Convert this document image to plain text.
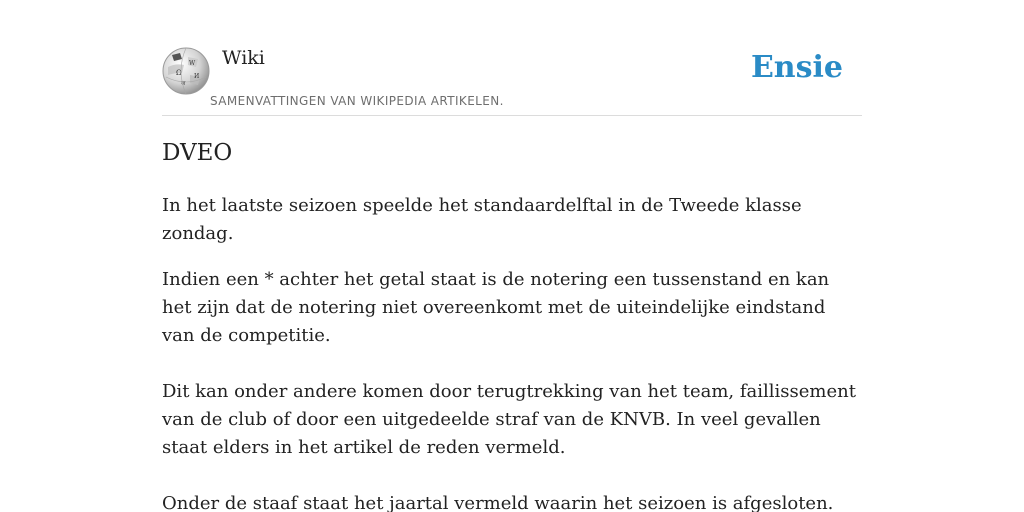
Ω
W
И
ज
Wiki
SAMENVATTINGEN VAN WIKIPEDIA ARTIKELEN.
Ensie
DVEO

In het laatste seizoen speelde het standaardelftal in de Tweede klasse zondag.

Indien een * achter het getal staat is de notering een tussenstand en kan het zijn dat de notering niet overeenkomt met de uiteindelijke eindstand van de competitie.

Dit kan onder andere komen door terugtrekking van het team, faillissement van de club of door een uitgedeelde straf van de KNVB. In veel gevallen staat elders in het artikel de reden vermeld.

Onder de staaf staat het jaartal vermeld waarin het seizoen is afgesloten.
